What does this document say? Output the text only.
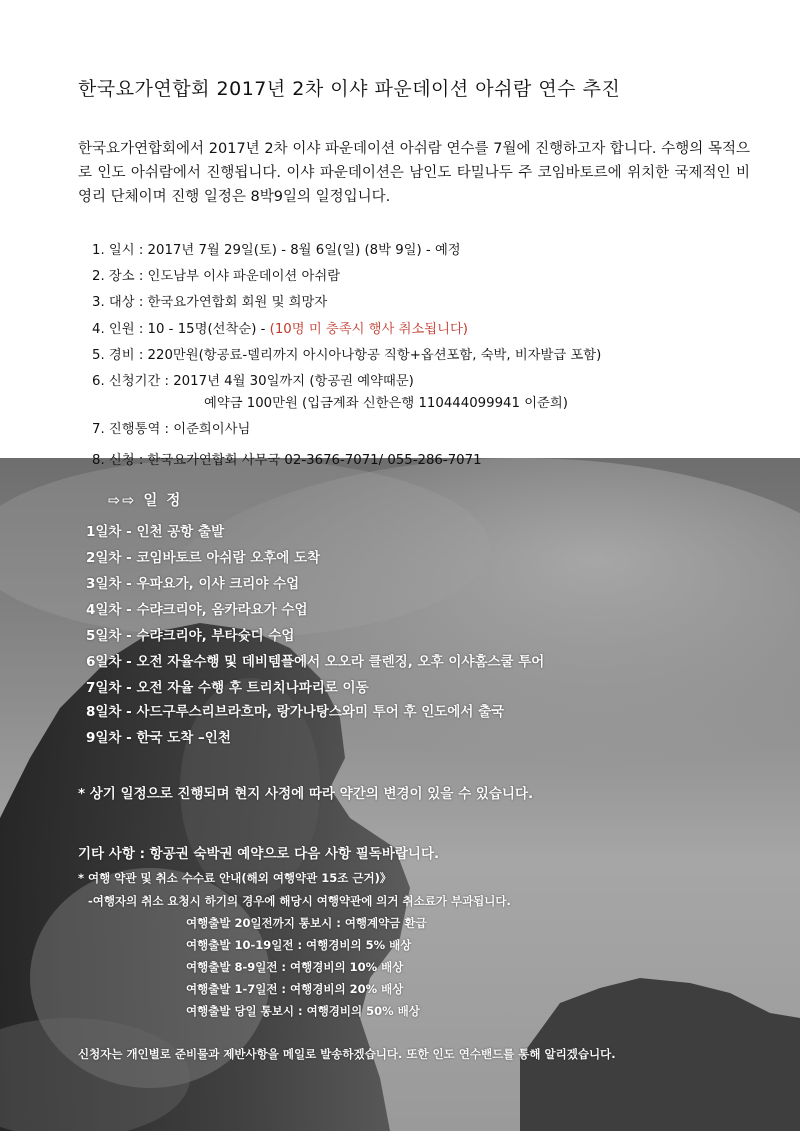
한국요가연합회 2017년 2차 이샤 파운데이션 아쉬람 연수 추진
한국요가연합회에서 2017년 2차 이샤 파운데이션 아쉬람 연수를 7월에 진행하고자 합니다. 수행의 목적으로 인도 아쉬람에서 진행됩니다. 이샤 파운데이션은 남인도 타밀나두 주 코임바토르에 위치한 국제적인 비영리 단체이며 진행 일정은 8박9일의 일정입니다.
1. 일시 : 2017년 7월 29일(토) - 8월 6일(일) (8박 9일) - 예정
2. 장소 : 인도남부 이샤 파운데이션 아쉬람
3. 대상 : 한국요가연합회 회원 및 희망자
4. 인원 : 10 - 15명(선착순) - (10명 미 충족시 행사 취소됩니다)
5. 경비 : 220만원(항공료-델리까지 아시아나항공 직항+옵션포함, 숙박, 비자발급 포함)
6. 신청기간 : 2017년 4월 30일까지 (항공권 예약때문)
예약금 100만원 (입금계좌 신한은행 110444099941 이준희)
7. 진행통역 : 이준희이사님
8. 신청 : 한국요가연합회 사무국 02-3676-7071/ 055-286-7071
⇨⇨ 일 정
1일차 - 인천 공항 출발
2일차 - 코임바토르 아쉬람 오후에 도착
3일차 - 우파요가, 이샤 크리야 수업
4일차 - 수랴크리야, 옴카라요가 수업
5일차 - 수랴크리야, 부타슛디 수업
6일차 - 오전 자율수행 및 데비템플에서 오오라 클렌징, 오후 이샤홈스쿨 투어
7일차 - 오전 자율 수행 후 트리치나파리로 이동
8일차 - 사드구루스리브라흐마, 랑가나탕스와미 투어 후 인도에서 출국
9일차 - 한국 도착 –인천
* 상기 일정으로 진행되며 현지 사정에 따라 약간의 변경이 있을 수 있습니다.
기타 사항 : 항공권 숙박권 예약으로 다음 사항 필독바랍니다.
* 여행 약관 및 취소 수수료 안내(해외 여행약관 15조 근거)》
-여행자의 취소 요청시 하기의 경우에 해당시 여행약관에 의거 취소료가 부과됩니다.
여행출발 20일전까지 통보시 : 여행계약금 환급
여행출발 10-19일전 : 여행경비의 5% 배상
여행출발 8-9일전 : 여행경비의 10% 배상
여행출발 1-7일전 : 여행경비의 20% 배상
여행출발 당일 통보시 : 여행경비의 50% 배상
신청자는 개인별로 준비물과 제반사항을 메일로 발송하겠습니다. 또한 인도 연수밴드를 통해 알리겠습니다.
